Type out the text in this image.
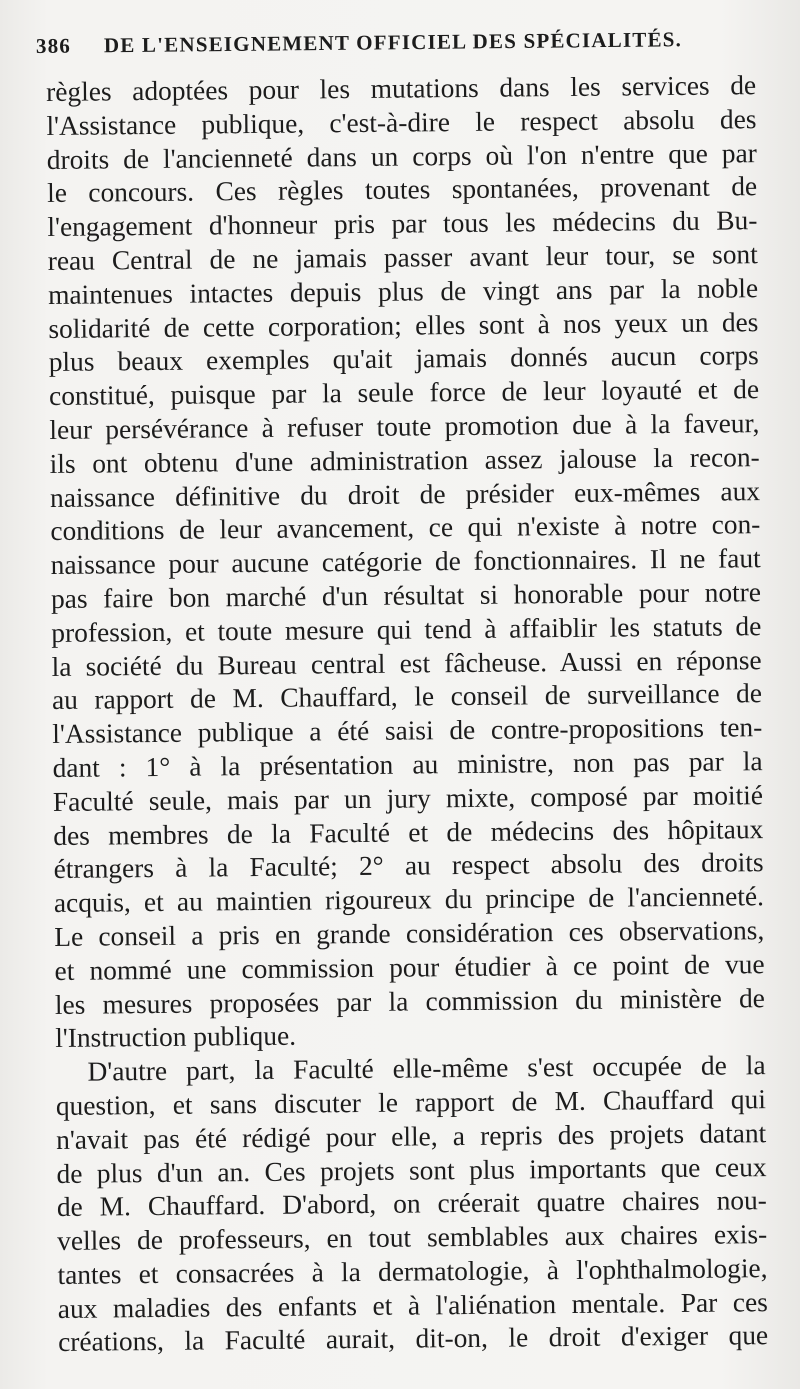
386 DE L'ENSEIGNEMENT OFFICIEL DES SPÉCIALITÉS.
règles adoptées pour les mutations dans les services de
l'Assistance publique, c'est-à-dire le respect absolu des
droits de l'ancienneté dans un corps où l'on n'entre que par
le concours. Ces règles toutes spontanées, provenant de
l'engagement d'honneur pris par tous les médecins du Bu-
reau Central de ne jamais passer avant leur tour, se sont
maintenues intactes depuis plus de vingt ans par la noble
solidarité de cette corporation; elles sont à nos yeux un des
plus beaux exemples qu'ait jamais donnés aucun corps
constitué, puisque par la seule force de leur loyauté et de
leur persévérance à refuser toute promotion due à la faveur,
ils ont obtenu d'une administration assez jalouse la recon-
naissance définitive du droit de présider eux-mêmes aux
conditions de leur avancement, ce qui n'existe à notre con-
naissance pour aucune catégorie de fonctionnaires. Il ne faut
pas faire bon marché d'un résultat si honorable pour notre
profession, et toute mesure qui tend à affaiblir les statuts de
la société du Bureau central est fâcheuse. Aussi en réponse
au rapport de M. Chauffard, le conseil de surveillance de
l'Assistance publique a été saisi de contre-propositions ten-
dant : 1° à la présentation au ministre, non pas par la
Faculté seule, mais par un jury mixte, composé par moitié
des membres de la Faculté et de médecins des hôpitaux
étrangers à la Faculté; 2° au respect absolu des droits
acquis, et au maintien rigoureux du principe de l'ancienneté.
Le conseil a pris en grande considération ces observations,
et nommé une commission pour étudier à ce point de vue
les mesures proposées par la commission du ministère de
l'Instruction publique.
D'autre part, la Faculté elle-même s'est occupée de la
question, et sans discuter le rapport de M. Chauffard qui
n'avait pas été rédigé pour elle, a repris des projets datant
de plus d'un an. Ces projets sont plus importants que ceux
de M. Chauffard. D'abord, on créerait quatre chaires nou-
velles de professeurs, en tout semblables aux chaires exis-
tantes et consacrées à la dermatologie, à l'ophthalmologie,
aux maladies des enfants et à l'aliénation mentale. Par ces
créations, la Faculté aurait, dit-on, le droit d'exiger que
